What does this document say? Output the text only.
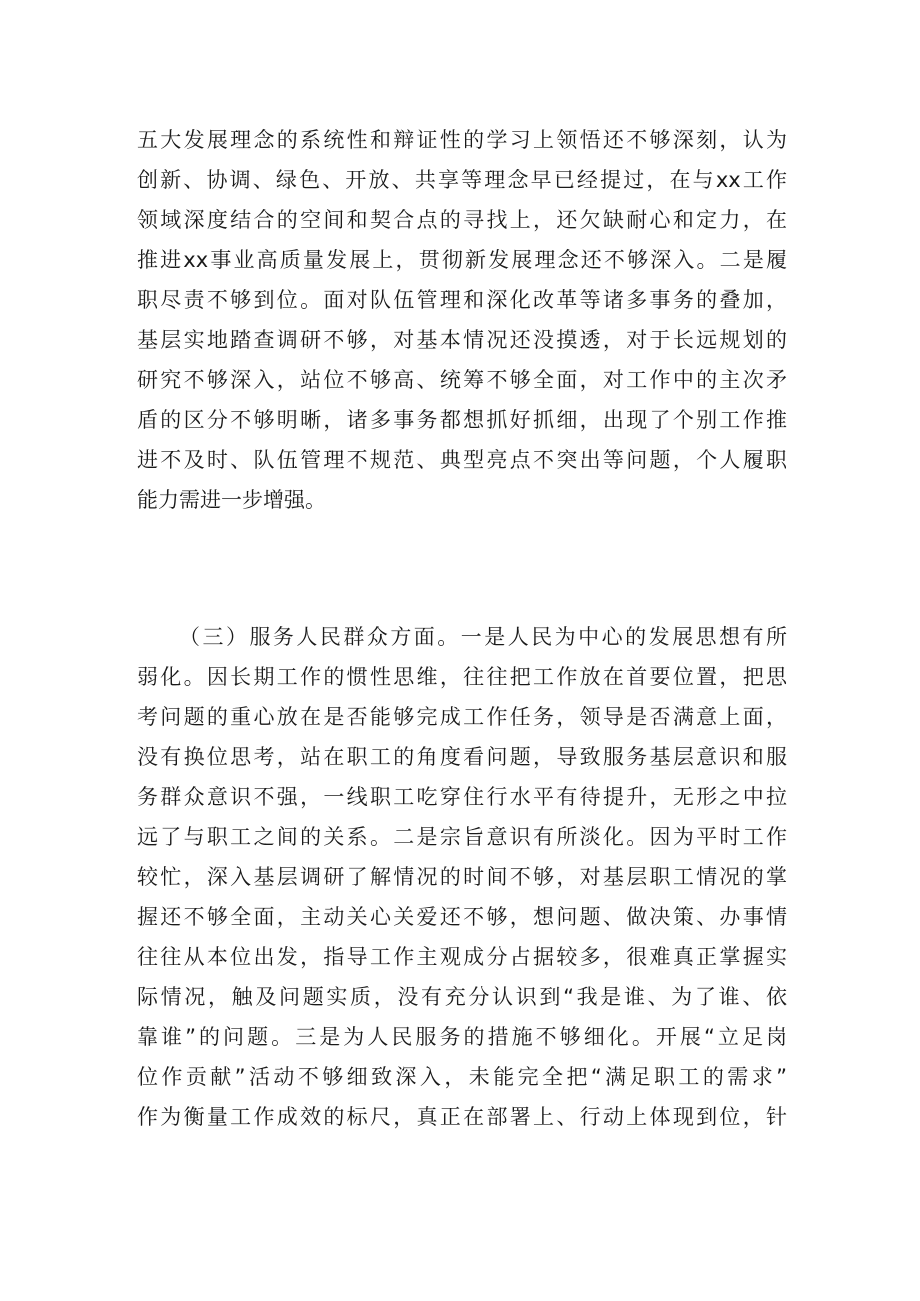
五大发展理念的系统性和辩证性的学习上领悟还不够深刻，认为
创新、协调、绿色、开放、共享等理念早已经提过，在与xx工作
领域深度结合的空间和契合点的寻找上，还欠缺耐心和定力，在
推进xx事业高质量发展上，贯彻新发展理念还不够深入。二是履
职尽责不够到位。面对队伍管理和深化改革等诸多事务的叠加，
基层实地踏查调研不够，对基本情况还没摸透，对于长远规划的
研究不够深入，站位不够高、统筹不够全面，对工作中的主次矛
盾的区分不够明晰，诸多事务都想抓好抓细，出现了个别工作推
进不及时、队伍管理不规范、典型亮点不突出等问题，个人履职
能力需进一步增强。
（三）服务人民群众方面。一是人民为中心的发展思想有所
弱化。因长期工作的惯性思维，往往把工作放在首要位置，把思
考问题的重心放在是否能够完成工作任务，领导是否满意上面，
没有换位思考，站在职工的角度看问题，导致服务基层意识和服
务群众意识不强，一线职工吃穿住行水平有待提升，无形之中拉
远了与职工之间的关系。二是宗旨意识有所淡化。因为平时工作
较忙，深入基层调研了解情况的时间不够，对基层职工情况的掌
握还不够全面，主动关心关爱还不够，想问题、做决策、办事情
往往从本位出发，指导工作主观成分占据较多，很难真正掌握实
际情况，触及问题实质，没有充分认识到“我是谁、为了谁、依
靠谁”的问题。三是为人民服务的措施不够细化。开展“立足岗
位作贡献”活动不够细致深入，未能完全把“满足职工的需求”
作为衡量工作成效的标尺，真正在部署上、行动上体现到位，针
